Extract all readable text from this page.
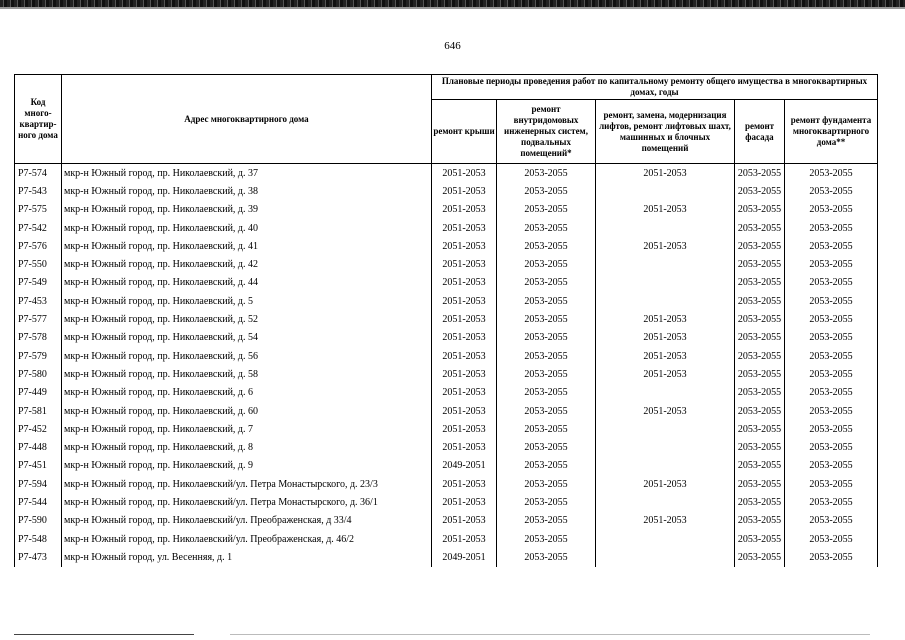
646
Код много-квартир-ного дома	Адрес многоквартирного дома	Плановые периоды проведения работ по капитальному ремонту общего имущества в многоквартирных домах, годы				
		ремонт крыши	ремонт внутридомовых инженерных систем, подвальных помещений*	ремонт, замена, модернизация лифтов, ремонт лифтовых шахт, машинных и блочных помещений	ремонт фасада	ремонт фундамента многоквартирного дома**
Р7-574	мкр-н Южный город, пр. Николаевский, д. 37	2051-2053	2053-2055	2051-2053	2053-2055	2053-2055
Р7-543	мкр-н Южный город, пр. Николаевский, д. 38	2051-2053	2053-2055		2053-2055	2053-2055
Р7-575	мкр-н Южный город, пр. Николаевский, д. 39	2051-2053	2053-2055	2051-2053	2053-2055	2053-2055
Р7-542	мкр-н Южный город, пр. Николаевский, д. 40	2051-2053	2053-2055		2053-2055	2053-2055
Р7-576	мкр-н Южный город, пр. Николаевский, д. 41	2051-2053	2053-2055	2051-2053	2053-2055	2053-2055
Р7-550	мкр-н Южный город, пр. Николаевский, д. 42	2051-2053	2053-2055		2053-2055	2053-2055
Р7-549	мкр-н Южный город, пр. Николаевский, д. 44	2051-2053	2053-2055		2053-2055	2053-2055
Р7-453	мкр-н Южный город, пр. Николаевский, д. 5	2051-2053	2053-2055		2053-2055	2053-2055
Р7-577	мкр-н Южный город, пр. Николаевский, д. 52	2051-2053	2053-2055	2051-2053	2053-2055	2053-2055
Р7-578	мкр-н Южный город, пр. Николаевский, д. 54	2051-2053	2053-2055	2051-2053	2053-2055	2053-2055
Р7-579	мкр-н Южный город, пр. Николаевский, д. 56	2051-2053	2053-2055	2051-2053	2053-2055	2053-2055
Р7-580	мкр-н Южный город, пр. Николаевский, д. 58	2051-2053	2053-2055	2051-2053	2053-2055	2053-2055
Р7-449	мкр-н Южный город, пр. Николаевский, д. 6	2051-2053	2053-2055		2053-2055	2053-2055
Р7-581	мкр-н Южный город, пр. Николаевский, д. 60	2051-2053	2053-2055	2051-2053	2053-2055	2053-2055
Р7-452	мкр-н Южный город, пр. Николаевский, д. 7	2051-2053	2053-2055		2053-2055	2053-2055
Р7-448	мкр-н Южный город, пр. Николаевский, д. 8	2051-2053	2053-2055		2053-2055	2053-2055
Р7-451	мкр-н Южный город, пр. Николаевский, д. 9	2049-2051	2053-2055		2053-2055	2053-2055
Р7-594	мкр-н Южный город, пр. Николаевский/ул. Петра Монастырского, д. 23/3	2051-2053	2053-2055	2051-2053	2053-2055	2053-2055
Р7-544	мкр-н Южный город, пр. Николаевский/ул. Петра Монастырского, д. 36/1	2051-2053	2053-2055		2053-2055	2053-2055
Р7-590	мкр-н Южный город, пр. Николаевский/ул. Преображенская, д 33/4	2051-2053	2053-2055	2051-2053	2053-2055	2053-2055
Р7-548	мкр-н Южный город, пр. Николаевский/ул. Преображенская, д. 46/2	2051-2053	2053-2055		2053-2055	2053-2055
Р7-473	мкр-н Южный город, ул. Весенняя, д. 1	2049-2051	2053-2055		2053-2055	2053-2055
